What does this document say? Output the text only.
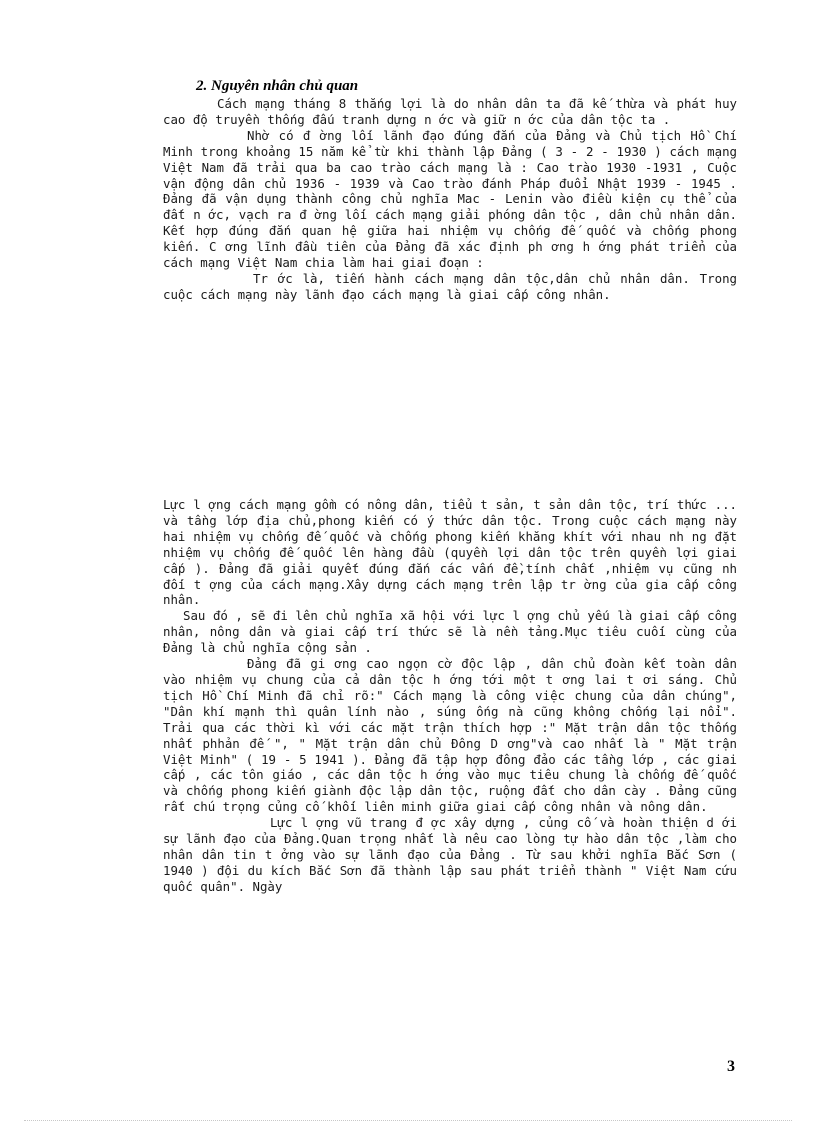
2. Nguyên nhân chủ quan

Cách mạng tháng 8 thắng lợi là do nhân dân ta đã kế thừa và phát huy cao độ truyền thống đấu tranh dựng n ớc và giữ n ớc của dân tộc ta .

Nhờ có đ ờng lối lãnh đạo đúng đắn của Đảng và Chủ tịch Hồ Chí Minh trong khoảng 15 năm kể từ khi thành lập Đảng ( 3 - 2 - 1930 ) cách mạng Việt Nam đã trải qua ba cao trào cách mạng là : Cao trào 1930 -1931 , Cuộc vận động dân chủ 1936 - 1939 và Cao trào đánh Pháp đuổi Nhật 1939 - 1945 . Đảng đã vận dụng thành công chủ nghĩa Mac - Lenin vào điều kiện cụ thể của đất n ớc, vạch ra đ ờng lối cách mạng giải phóng dân tộc , dân chủ nhân dân. Kết hợp đúng đắn quan hệ giữa hai nhiệm vụ chống đế quốc và chống phong kiến. C ơng lĩnh đầu tiên của Đảng đã xác định ph ơng h ớng phát triển của cách mạng Việt Nam chia làm hai giai đoạn :

Tr ớc là, tiến hành cách mạng dân tộc,dân chủ nhân dân. Trong cuộc cách mạng này lãnh đạo cách mạng là giai cấp công nhân.

Lực l ợng cách mạng gồm có nông dân, tiểu t sản, t sản dân tộc, trí thức ... và tầng lớp địa chủ,phong kiến có ý thức dân tộc. Trong cuộc cách mạng này hai nhiệm vụ chống đế quốc và chống phong kiến khăng khít với nhau nh ng đặt nhiệm vụ chống đế quốc lên hàng đầu (quyền lợi dân tộc trên quyền lợi giai cấp ). Đảng đã giải quyết đúng đắn các vấn đề,tính chất ,nhiệm vụ cũng nh đối t ợng của cách mạng.Xây dựng cách mạng trên lập tr ờng của gia cấp công nhân.

Sau đó , sẽ đi lên chủ nghĩa xã hội với lực l ợng chủ yếu là giai cấp công nhân, nông dân và giai cấp trí thức sẽ là nền tảng.Mục tiêu cuối cùng của Đảng là chủ nghĩa cộng sản .

Đảng đã gi ơng cao ngọn cờ độc lập , dân chủ đoàn kết toàn dân vào nhiệm vụ chung của cả dân tộc h ớng tới một t ơng lai t ơi sáng. Chủ tịch Hồ Chí Minh đã chỉ rõ:" Cách mạng là công việc chung của dân chúng", "Dân khí mạnh thì quân lính nào , súng ống nà cũng không chống lại nổi". Trải qua các thời kì với các mặt trận thích hợp :" Mặt trận dân tộc thống nhất phhản đế ", " Mặt trận dân chủ Đông D ơng"và cao nhất là " Mặt trận Việt Minh" ( 19 - 5 1941 ). Đảng đã tập hợp đông đảo các tầng lớp , các giai cấp , các tôn giáo , các dân tộc h ớng vào mục tiêu chung là chống đế quốc và chống phong kiến giành độc lập dân tộc, ruộng đất cho dân cày . Đảng cũng rất chú trọng củng cố khối liên minh giữa giai cấp công nhân và nông dân.

Lực l ợng vũ trang đ ợc xây dựng , củng cố và hoàn thiện d ới sự lãnh đạo của Đảng.Quan trọng nhất là nêu cao lòng tự hào dân tộc ,làm cho nhân dân tin t ởng vào sự lãnh đạo của Đảng . Từ sau khởi nghĩa Bắc Sơn ( 1940 ) đội du kích Bắc Sơn đã thành lập sau phát triển thành " Việt Nam cứu quốc quân". Ngày

3
